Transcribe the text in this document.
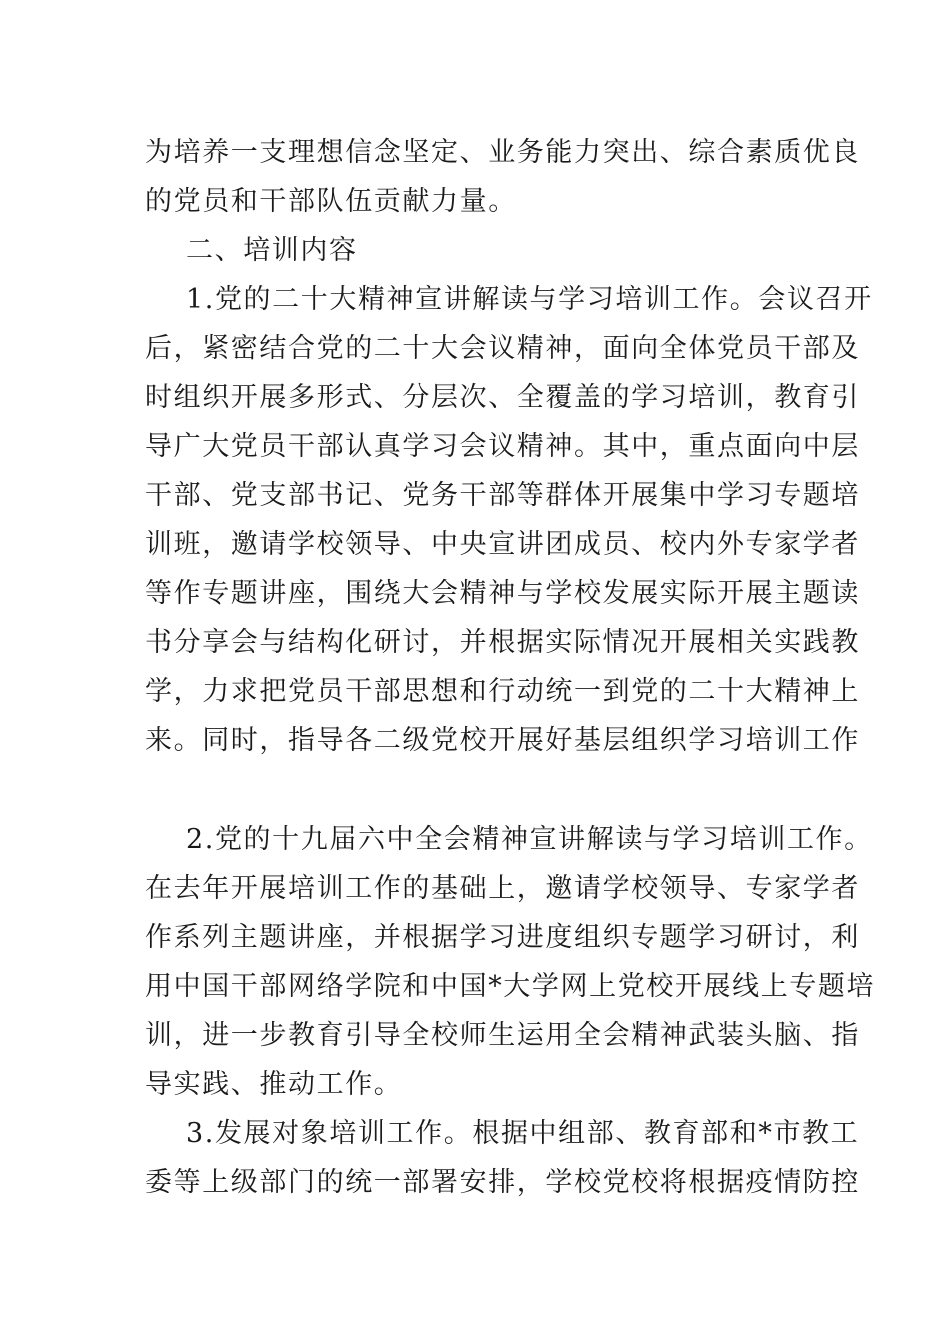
为培养一支理想信念坚定、业务能力突出、综合素质优良
的党员和干部队伍贡献力量。
二、培训内容
1.党的二十大精神宣讲解读与学习培训工作。会议召开
后，紧密结合党的二十大会议精神，面向全体党员干部及
时组织开展多形式、分层次、全覆盖的学习培训，教育引
导广大党员干部认真学习会议精神。其中，重点面向中层
干部、党支部书记、党务干部等群体开展集中学习专题培
训班，邀请学校领导、中央宣讲团成员、校内外专家学者
等作专题讲座，围绕大会精神与学校发展实际开展主题读
书分享会与结构化研讨，并根据实际情况开展相关实践教
学，力求把党员干部思想和行动统一到党的二十大精神上
来。同时，指导各二级党校开展好基层组织学习培训工作
2.党的十九届六中全会精神宣讲解读与学习培训工作。
在去年开展培训工作的基础上，邀请学校领导、专家学者
作系列主题讲座，并根据学习进度组织专题学习研讨，利
用中国干部网络学院和中国*大学网上党校开展线上专题培
训，进一步教育引导全校师生运用全会精神武装头脑、指
导实践、推动工作。
3.发展对象培训工作。根据中组部、教育部和*市教工
委等上级部门的统一部署安排，学校党校将根据疫情防控
